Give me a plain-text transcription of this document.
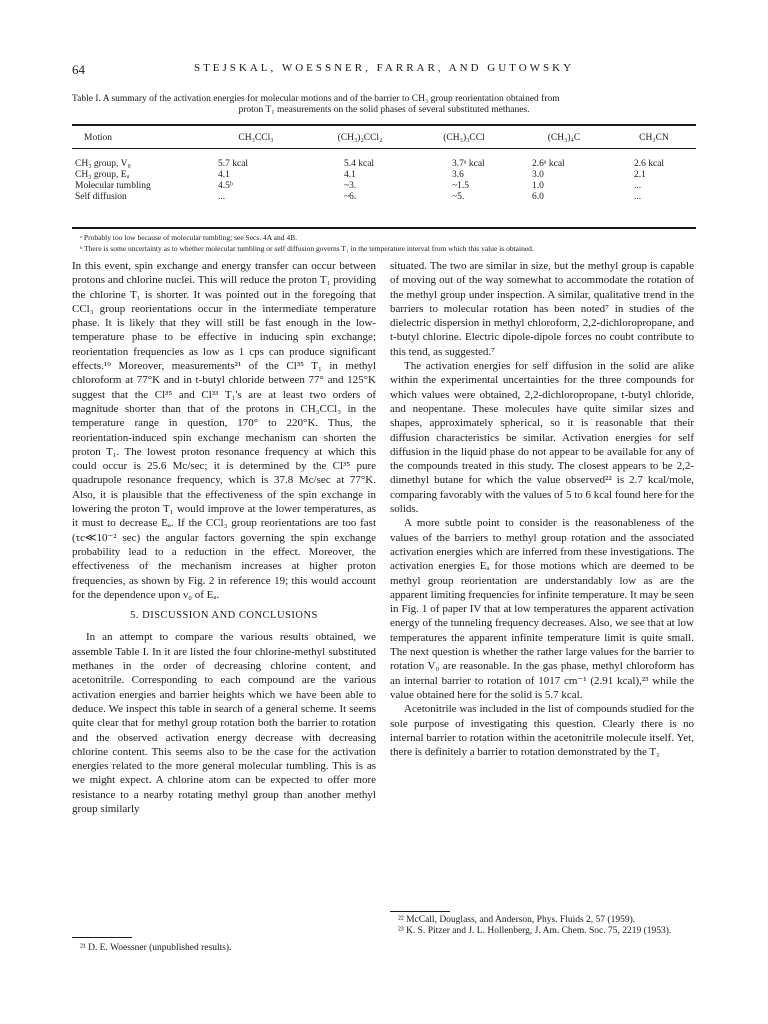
64	STEJSKAL, WOESSNER, FARRAR, AND GUTOWSKY
Table I. A summary of the activation energies for molecular motions and of the barrier to CH₃ group reorientation obtained from
proton T₁ measurements on the solid phases of several substituted methanes.
Motion	CH₃CCl₃	(CH₃)₂CCl₂	(CH₃)₃CCl	(CH₃)₄C	CH₃CN

CH₃ group, V₀	5.7 kcal	5.4 kcal	3.7ᵃ kcal	2.6ᵃ kcal	2.6 kcal
CH₃ group, Eₐ	4.1	4.1	3.6	3.0	2.1
Molecular tumbling	4.5ᵇ	~3.	~1.5	1.0	...
Self diffusion	...	~6.	~5.	6.0	...
ᵃ Probably too low because of molecular tumbling; see Secs. 4A and 4B.
ᵇ There is some uncertainty as to whether molecular tumbling or self diffusion governs T₁ in the temperature interval from which this value is obtained.

In this event, spin exchange and energy transfer can occur between protons and chlorine nuclei. This will reduce the proton T₁ providing the chlorine T₁ is shorter. It was pointed out in the foregoing that CCl₃ group reorientations occur in the intermediate temperature phase. It is likely that they will still be fast enough in the low-temperature phase to be effective in inducing spin exchange; reorientation frequencies as low as 1 cps can produce significant effects.¹⁹ Moreover, measurements²¹ of the Cl³⁵ T₁ in methyl chloroform at 77°K and in t-butyl chloride between 77° and 125°K suggest that the Cl³⁵ and Cl³³ T₁'s are at least two orders of magnitude shorter than that of the protons in CH₃CCl₃ in the temperature range in question, 170° to 220°K. Thus, the reorientation-induced spin exchange mechanism can shorten the proton T₁. The lowest proton resonance frequency at which this could occur is 25.6 Mc/sec; it is determined by the Cl³⁵ pure quadrupole resonance frequency, which is 37.8 Mc/sec at 77°K. Also, it is plausible that the effectiveness of the spin exchange in lowering the proton T₁ would improve at the lower temperatures, as it must to decrease Eₐ. If the CCl₃ group reorientations are too fast (τc≪10⁻² sec) the angular factors governing the spin exchange probability lead to a reduction in the effect. Moreover, the effectiveness of the mechanism increases at higher proton frequencies, as shown by Fig. 2 in reference 19; this would account for the dependence upon ν₀ of Eₐ.

5. DISCUSSION AND CONCLUSIONS

In an attempt to compare the various results obtained, we assemble Table I. In it are listed the four chlorine-methyl substituted methanes in the order of decreasing chlorine content, and acetonitrile. Corresponding to each compound are the various activation energies and barrier heights which we have been able to deduce. We inspect this table in search of a general scheme. It seems quite clear that for methyl group rotation both the barrier to rotation and the observed activation energy decrease with decreasing chlorine content. This seems also to be the case for the activation energies related to the more general molecular tumbling. This is as we might expect. A chlorine atom can be expected to offer more resistance to a nearby rotating methyl group than another methyl group similarly

situated. The two are similar in size, but the methyl group is capable of moving out of the way somewhat to accommodate the rotation of the methyl group under inspection. A similar, qualitative trend in the barriers to molecular rotation has been noted⁷ in studies of the dielectric dispersion in methyl chloroform, 2,2-dichloropropane, and t-butyl chlorine. Electric dipole-dipole forces no coubt contribute to this tend, as suggested.⁷

The activation energies for self diffusion in the solid are alike within the experimental uncertainties for the three compounds for which values were obtained, 2,2-dichloropropane, t-butyl chloride, and neopentane. These molecules have quite similar sizes and shapes, approximately spherical, so it is reasonable that their diffusion characteristics be similar. Activation energies for self diffusion in the liquid phase do not appear to be available for any of the compounds treated in this study. The closest appears to be 2,2-dimethyl butane for which the value observed²² is 2.7 kcal/mole, comparing favorably with the values of 5 to 6 kcal found here for the solids.

A more subtle point to consider is the reasonableness of the values of the barriers to methyl group rotation and the associated activation energies which are inferred from these investigations. The activation energies Eₐ for those motions which are deemed to be methyl group reorientation are understandably low as are the apparent limiting frequencies for infinite temperature. It may be seen in Fig. 1 of paper IV that at low temperatures the apparent activation energy of the tunneling frequency decreases. Also, we see that at low temperatures the apparent infinite temperature limit is quite small. The next question is whether the rather large values for the barrier to rotation V₀ are reasonable. In the gas phase, methyl chloroform has an internal barrier to rotation of 1017 cm⁻¹ (2.91 kcal),²³ while the value obtained here for the solid is 5.7 kcal.

Acetonitrile was included in the list of compounds studied for the sole purpose of investigating this question. Clearly there is no internal barrier to rotation within the acetonitrile molecule itself. Yet, there is definitely a barrier to rotation demonstrated by the T₁

²¹ D. E. Woessner (unpublished results).
²² McCall, Douglass, and Anderson, Phys. Fluids 2, 57 (1959).
²³ K. S. Pitzer and J. L. Hollenberg, J. Am. Chem. Soc. 75, 2219 (1953).
